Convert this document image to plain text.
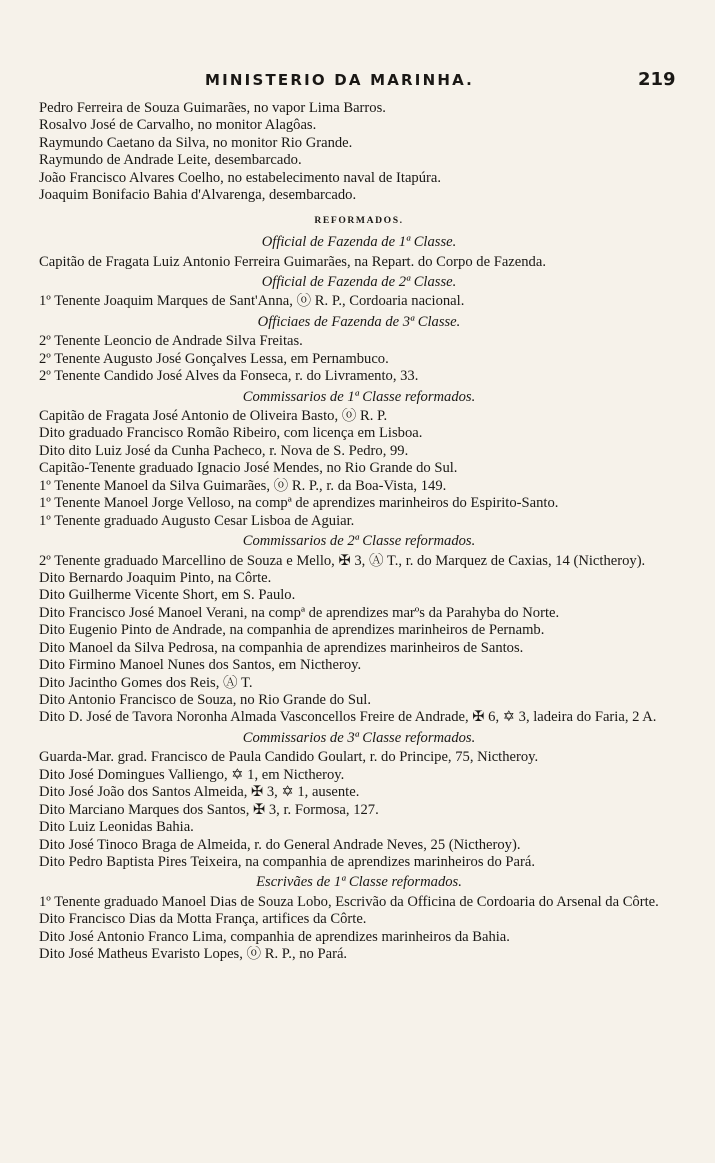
MINISTERIO DA MARINHA.	219
Pedro Ferreira de Souza Guimarães, no vapor Lima Barros.
Rosalvo José de Carvalho, no monitor Alagôas.
Raymundo Caetano da Silva, no monitor Rio Grande.
Raymundo de Andrade Leite, desembarcado.
João Francisco Alvares Coelho, no estabelecimento naval de Itapúra.
Joaquim Bonifacio Bahia d'Alvarenga, desembarcado.
REFORMADOS.
Official de Fazenda de 1ª Classe.
Capitão de Fragata Luiz Antonio Ferreira Guimarães, na Repart. do Corpo de Fazenda.
Official de Fazenda de 2ª Classe.
1º Tenente Joaquim Marques de Sant'Anna, ⓞ R. P., Cordoaria nacional.
Officiaes de Fazenda de 3ª Classe.
2º Tenente Leoncio de Andrade Silva Freitas.
2º Tenente Augusto José Gonçalves Lessa, em Pernambuco.
2º Tenente Candido José Alves da Fonseca, r. do Livramento, 33.
Commissarios de 1ª Classe reformados.
Capitão de Fragata José Antonio de Oliveira Basto, ⓞ R. P.
Dito graduado Francisco Romão Ribeiro, com licença em Lisboa.
Dito dito Luiz José da Cunha Pacheco, r. Nova de S. Pedro, 99.
Capitão-Tenente graduado Ignacio José Mendes, no Rio Grande do Sul.
1º Tenente Manoel da Silva Guimarães, ⓞ R. P., r. da Boa-Vista, 149.
1º Tenente Manoel Jorge Velloso, na compª de aprendizes marinheiros do Espirito-Santo.
1º Tenente graduado Augusto Cesar Lisboa de Aguiar.
Commissarios de 2ª Classe reformados.
2º Tenente graduado Marcellino de Souza e Mello, ✠ 3, Ⓐ T., r. do Marquez de Caxias, 14 (Nictheroy).
Dito Bernardo Joaquim Pinto, na Côrte.
Dito Guilherme Vicente Short, em S. Paulo.
Dito Francisco José Manoel Verani, na compª de aprendizes marºs da Parahyba do Norte.
Dito Eugenio Pinto de Andrade, na companhia de aprendizes marinheiros de Pernamb.
Dito Manoel da Silva Pedrosa, na companhia de aprendizes marinheiros de Santos.
Dito Firmino Manoel Nunes dos Santos, em Nictheroy.
Dito Jacintho Gomes dos Reis, Ⓐ T.
Dito Antonio Francisco de Souza, no Rio Grande do Sul.
Dito D. José de Tavora Noronha Almada Vasconcellos Freire de Andrade, ✠ 6, ✡ 3, ladeira do Faria, 2 A.
Commissarios de 3ª Classe reformados.
Guarda-Mar. grad. Francisco de Paula Candido Goulart, r. do Principe, 75, Nictheroy.
Dito José Domingues Valliengo, ✡ 1, em Nictheroy.
Dito José João dos Santos Almeida, ✠ 3, ✡ 1, ausente.
Dito Marciano Marques dos Santos, ✠ 3, r. Formosa, 127.
Dito Luiz Leonidas Bahia.
Dito José Tinoco Braga de Almeida, r. do General Andrade Neves, 25 (Nictheroy).
Dito Pedro Baptista Pires Teixeira, na companhia de aprendizes marinheiros do Pará.
Escrivães de 1ª Classe reformados.
1º Tenente graduado Manoel Dias de Souza Lobo, Escrivão da Officina de Cordoaria do Arsenal da Côrte.
Dito Francisco Dias da Motta França, artifices da Côrte.
Dito José Antonio Franco Lima, companhia de aprendizes marinheiros da Bahia.
Dito José Matheus Evaristo Lopes, ⓞ R. P., no Pará.
